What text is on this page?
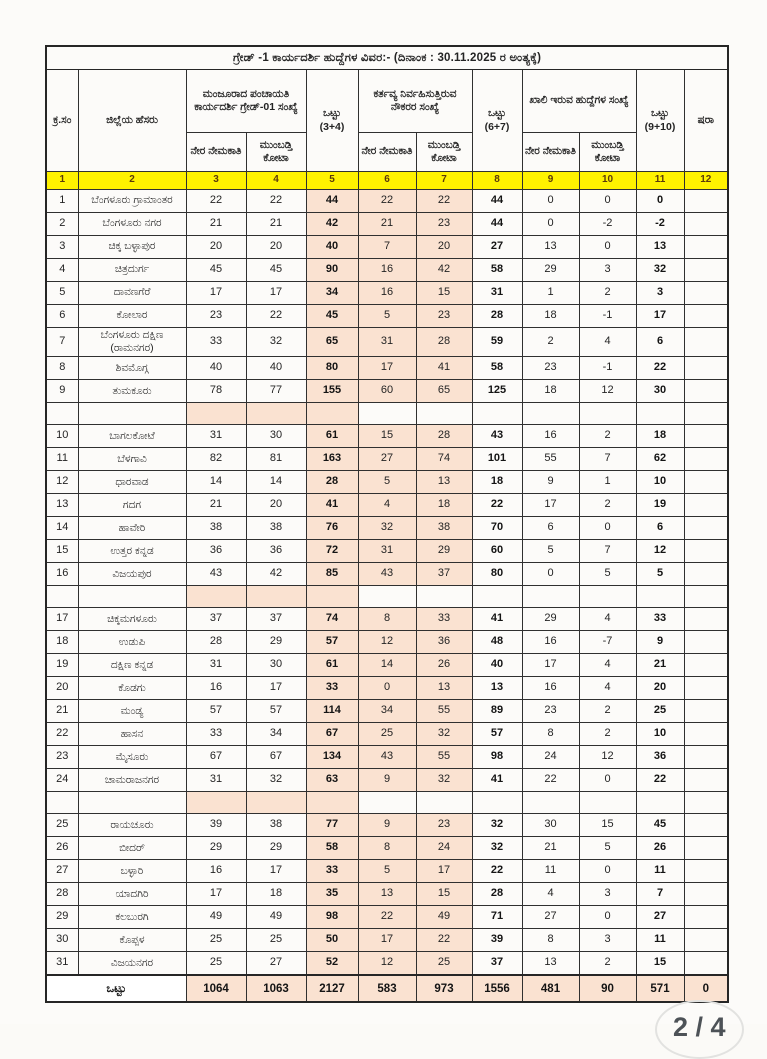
ಗ್ರೇಡ್ -1 ಕಾರ್ಯದರ್ಶಿ ಹುದ್ದೆಗಳ ವಿವರ:- (ದಿನಾಂಕ : 30.11.2025 ರ ಅಂತ್ಯಕ್ಕೆ)											
ಕ್ರ.ಸಂ	ಜಿಲ್ಲೆಯ ಹೆಸರು	ಮಂಜೂರಾದ ಪಂಚಾಯತಿ ಕಾರ್ಯದರ್ಶಿ ಗ್ರೇಡ್-01 ಸಂಖ್ಯೆ		ಒಟ್ಟು
(3+4)	ಕರ್ತವ್ಯ ನಿರ್ವಹಿಸುತ್ತಿರುವ ನೌಕರರ ಸಂಖ್ಯೆ		ಒಟ್ಟು
(6+7)	ಖಾಲಿ ಇರುವ ಹುದ್ದೆಗಳ ಸಂಖ್ಯೆ		ಒಟ್ಟು
(9+10)	ಷರಾ
		ನೇರ ನೇಮಕಾತಿ	ಮುಂಬಡ್ತಿ ಕೋಟಾ		ನೇರ ನೇಮಕಾತಿ	ಮುಂಬಡ್ತಿ ಕೋಟಾ		ನೇರ ನೇಮಕಾತಿ	ಮುಂಬಡ್ತಿ ಕೋಟಾ		
1	2	3	4	5	6	7	8	9	10	11	12
1	ಬೆಂಗಳೂರು ಗ್ರಾಮಾಂತರ	22	22	44	22	22	44	0	0	0	
2	ಬೆಂಗಳೂರು ನಗರ	21	21	42	21	23	44	0	-2	-2	
3	ಚಿಕ್ಕ ಬಳ್ಳಾಪುರ	20	20	40	7	20	27	13	0	13	
4	ಚಿತ್ರದುರ್ಗ	45	45	90	16	42	58	29	3	32	
5	ದಾವಣಗೆರೆ	17	17	34	16	15	31	1	2	3	
6	ಕೋಲಾರ	23	22	45	5	23	28	18	-1	17	
7	ಬೆಂಗಳೂರು ದಕ್ಷಿಣ (ರಾಮನಗರ)	33	32	65	31	28	59	2	4	6	
8	ಶಿವಮೊಗ್ಗ	40	40	80	17	41	58	23	-1	22	
9	ತುಮಕೂರು	78	77	155	60	65	125	18	12	30	

10	ಬಾಗಲಕೋಟೆ	31	30	61	15	28	43	16	2	18	
11	ಬೆಳಗಾವಿ	82	81	163	27	74	101	55	7	62	
12	ಧಾರವಾಡ	14	14	28	5	13	18	9	1	10	
13	ಗದಗ	21	20	41	4	18	22	17	2	19	
14	ಹಾವೇರಿ	38	38	76	32	38	70	6	0	6	
15	ಉತ್ತರ ಕನ್ನಡ	36	36	72	31	29	60	5	7	12	
16	ವಿಜಯಪುರ	43	42	85	43	37	80	0	5	5	

17	ಚಿಕ್ಕಮಗಳೂರು	37	37	74	8	33	41	29	4	33	
18	ಉಡುಪಿ	28	29	57	12	36	48	16	-7	9	
19	ದಕ್ಷಿಣ ಕನ್ನಡ	31	30	61	14	26	40	17	4	21	
20	ಕೊಡಗು	16	17	33	0	13	13	16	4	20	
21	ಮಂಡ್ಯ	57	57	114	34	55	89	23	2	25	
22	ಹಾಸನ	33	34	67	25	32	57	8	2	10	
23	ಮೈಸೂರು	67	67	134	43	55	98	24	12	36	
24	ಚಾಮರಾಜನಗರ	31	32	63	9	32	41	22	0	22	

25	ರಾಯಚೂರು	39	38	77	9	23	32	30	15	45	
26	ಬೀದರ್	29	29	58	8	24	32	21	5	26	
27	ಬಳ್ಳಾರಿ	16	17	33	5	17	22	11	0	11	
28	ಯಾದಗಿರಿ	17	18	35	13	15	28	4	3	7	
29	ಕಲಬುರಗಿ	49	49	98	22	49	71	27	0	27	
30	ಕೊಪ್ಪಳ	25	25	50	17	22	39	8	3	11	
31	ವಿಜಯನಗರ	25	27	52	12	25	37	13	2	15	
ಒಟ್ಟು		1064	1063	2127	583	973	1556	481	90	571	0
2 / 4
